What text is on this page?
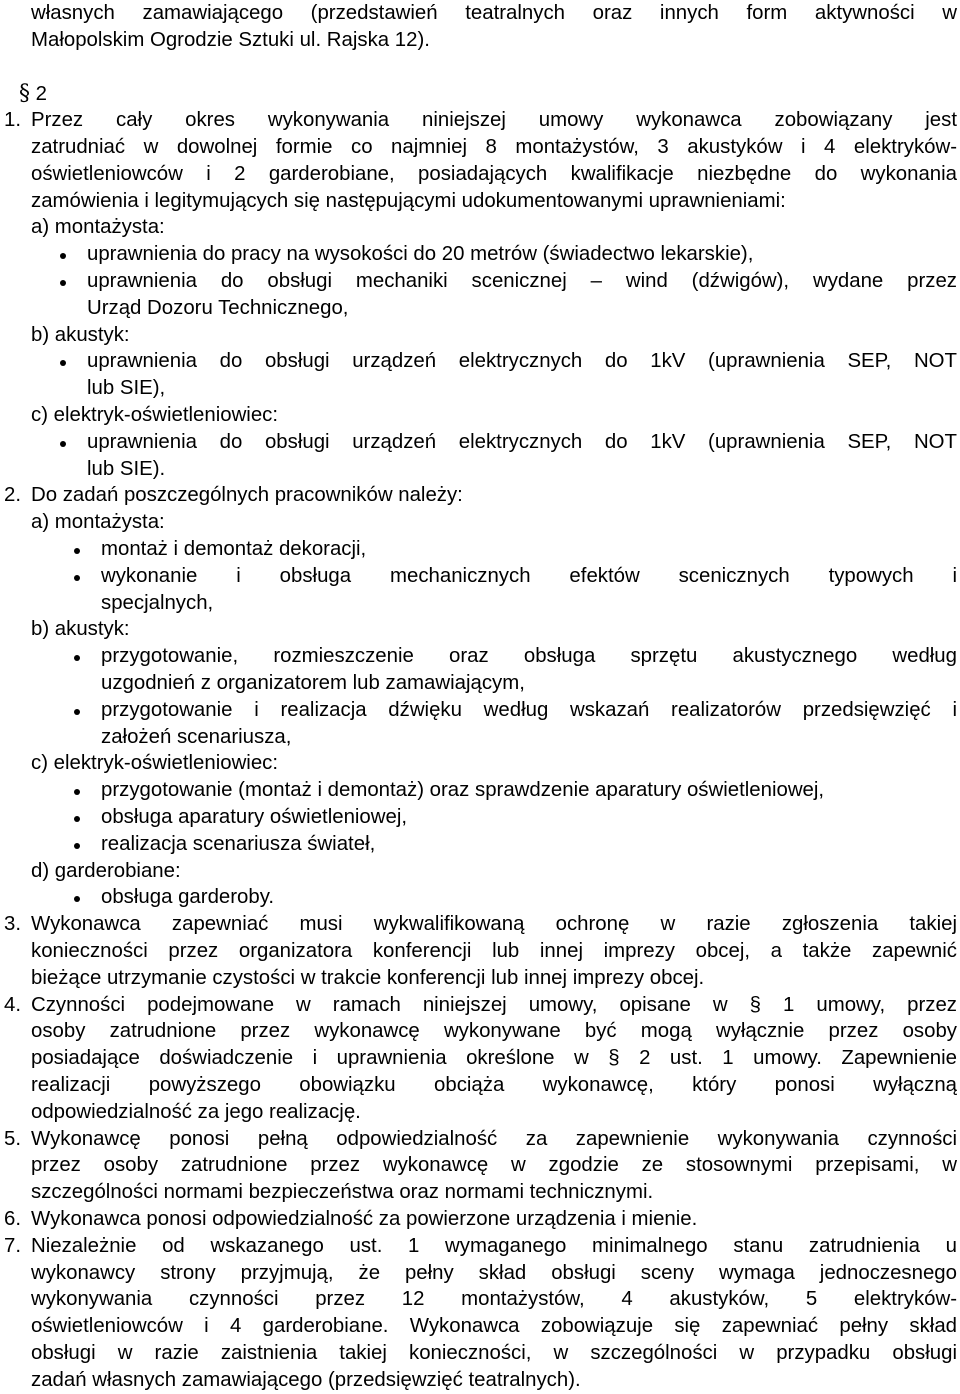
własnych zamawiającego (przedstawień teatralnych oraz innych form aktywności w
Małopolskim Ogrodzie Sztuki ul. Rajska 12).
§ 2
1. Przez cały okres wykonywania niniejszej umowy wykonawca zobowiązany jest
zatrudniać w dowolnej formie co najmniej 8 montażystów, 3 akustyków i 4 elektryków-
oświetleniowców i 2 garderobiane, posiadających kwalifikacje niezbędne do wykonania
zamówienia i legitymujących się następującymi udokumentowanymi uprawnieniami:
a) montażysta:
uprawnienia do pracy na wysokości do 20 metrów (świadectwo lekarskie),
uprawnienia do obsługi mechaniki scenicznej – wind (dźwigów), wydane przez
Urząd Dozoru Technicznego,
b) akustyk:
uprawnienia do obsługi urządzeń elektrycznych do 1kV (uprawnienia SEP, NOT
lub SIE),
c) elektryk-oświetleniowiec:
uprawnienia do obsługi urządzeń elektrycznych do 1kV (uprawnienia SEP, NOT
lub SIE).
2. Do zadań poszczególnych pracowników należy:
a) montażysta:
montaż i demontaż dekoracji,
wykonanie i obsługa mechanicznych efektów scenicznych typowych i
specjalnych,
b) akustyk:
przygotowanie, rozmieszczenie oraz obsługa sprzętu akustycznego według
uzgodnień z organizatorem lub zamawiającym,
przygotowanie i realizacja dźwięku według wskazań realizatorów przedsięwzięć i
założeń scenariusza,
c) elektryk-oświetleniowiec:
przygotowanie (montaż i demontaż) oraz sprawdzenie aparatury oświetleniowej,
obsługa aparatury oświetleniowej,
realizacja scenariusza świateł,
d) garderobiane:
obsługa garderoby.
3. Wykonawca zapewniać musi wykwalifikowaną ochronę w razie zgłoszenia takiej
konieczności przez organizatora konferencji lub innej imprezy obcej, a także zapewnić
bieżące utrzymanie czystości w trakcie konferencji lub innej imprezy obcej.
4. Czynności podejmowane w ramach niniejszej umowy, opisane w § 1 umowy, przez
osoby zatrudnione przez wykonawcę wykonywane być mogą wyłącznie przez osoby
posiadające doświadczenie i uprawnienia określone w § 2 ust. 1 umowy. Zapewnienie
realizacji powyższego obowiązku obciąża wykonawcę, który ponosi wyłączną
odpowiedzialność za jego realizację.
5. Wykonawcę ponosi pełną odpowiedzialność za zapewnienie wykonywania czynności
przez osoby zatrudnione przez wykonawcę w zgodzie ze stosownymi przepisami, w
szczególności normami bezpieczeństwa oraz normami technicznymi.
6. Wykonawca ponosi odpowiedzialność za powierzone urządzenia i mienie.
7. Niezależnie od wskazanego ust. 1 wymaganego minimalnego stanu zatrudnienia u
wykonawcy strony przyjmują, że pełny skład obsługi sceny wymaga jednoczesnego
wykonywania czynności przez 12 montażystów, 4 akustyków, 5 elektryków-
oświetleniowców i 4 garderobiane. Wykonawca zobowiązuje się zapewniać pełny skład
obsługi w razie zaistnienia takiej konieczności, w szczególności w przypadku obsługi
zadań własnych zamawiającego (przedsięwzięć teatralnych).
